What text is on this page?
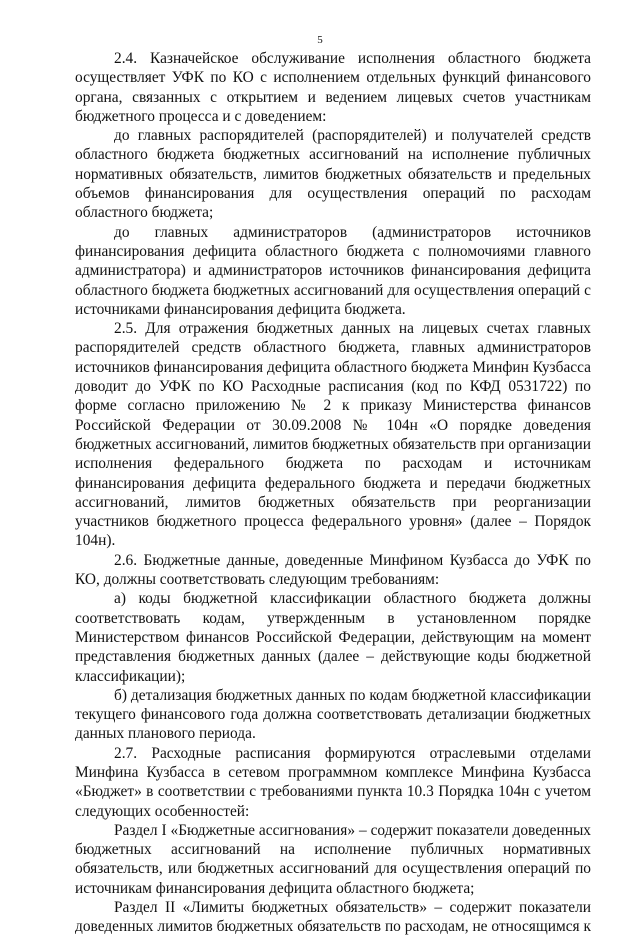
5

2.4. Казначейское обслуживание исполнения областного бюджета осуществляет УФК по КО с исполнением отдельных функций финансового органа, связанных с открытием и ведением лицевых счетов участникам бюджетного процесса и с доведением:

до главных распорядителей (распорядителей) и получателей средств областного бюджета бюджетных ассигнований на исполнение публичных нормативных обязательств, лимитов бюджетных обязательств и предельных объемов финансирования для осуществления операций по расходам областного бюджета;

до главных администраторов (администраторов источников финансирования дефицита областного бюджета с полномочиями главного администратора) и администраторов источников финансирования дефицита областного бюджета бюджетных ассигнований для осуществления операций с источниками финансирования дефицита бюджета.

2.5. Для отражения бюджетных данных на лицевых счетах главных распорядителей средств областного бюджета, главных администраторов источников финансирования дефицита областного бюджета Минфин Кузбасса доводит до УФК по КО Расходные расписания (код по КФД 0531722) по форме согласно приложению № 2 к приказу Министерства финансов Российской Федерации от 30.09.2008 № 104н «О порядке доведения бюджетных ассигнований, лимитов бюджетных обязательств при организации исполнения федерального бюджета по расходам и источникам финансирования дефицита федерального бюджета и передачи бюджетных ассигнований, лимитов бюджетных обязательств при реорганизации участников бюджетного процесса федерального уровня» (далее – Порядок 104н).

2.6. Бюджетные данные, доведенные Минфином Кузбасса до УФК по КО, должны соответствовать следующим требованиям:

а) коды бюджетной классификации областного бюджета должны соответствовать кодам, утвержденным в установленном порядке Министерством финансов Российской Федерации, действующим на момент представления бюджетных данных (далее – действующие коды бюджетной классификации);

б) детализация бюджетных данных по кодам бюджетной классификации текущего финансового года должна соответствовать детализации бюджетных данных планового периода.

2.7. Расходные расписания формируются отраслевыми отделами Минфина Кузбасса в сетевом программном комплексе Минфина Кузбасса «Бюджет» в соответствии с требованиями пункта 10.3 Порядка 104н с учетом следующих особенностей:

Раздел I «Бюджетные ассигнования» – содержит показатели доведенных бюджетных ассигнований на исполнение публичных нормативных обязательств, или бюджетных ассигнований для осуществления операций по источникам финансирования дефицита областного бюджета;

Раздел II «Лимиты бюджетных обязательств» – содержит показатели доведенных лимитов бюджетных обязательств по расходам, не относящимся к
